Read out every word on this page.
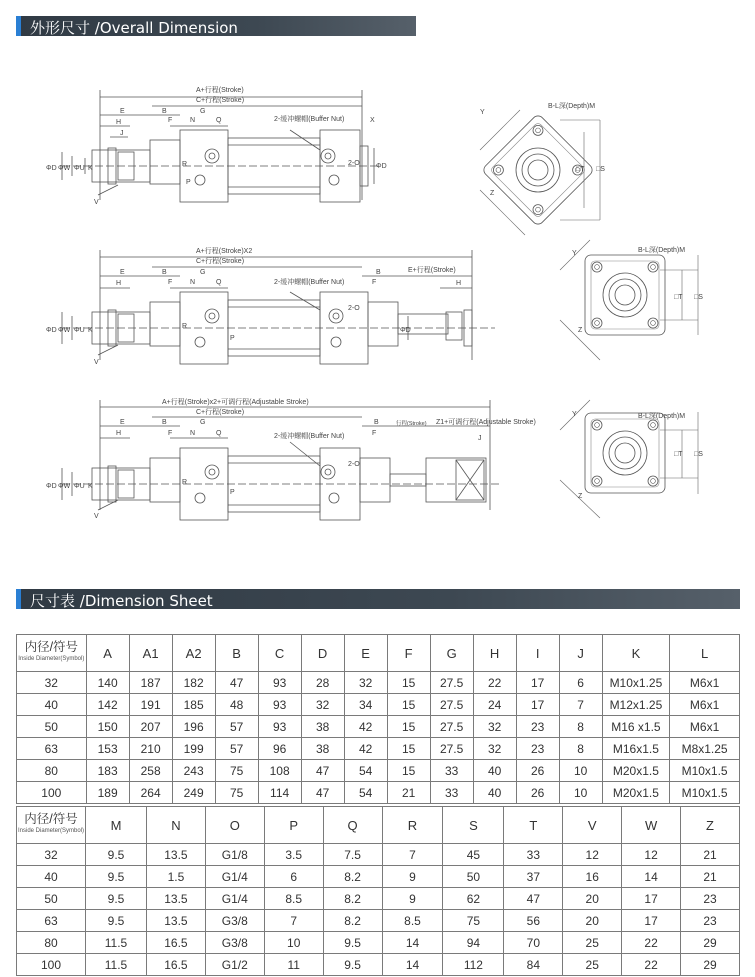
外形尺寸 /Overall Dimension
A+行程(Stroke)
C+行程(Stroke)
2-缓冲螺帽(Buffer Nut)
2-O
E	B	G
F	N	Q
H
J
X
R
P
ΦD ΦW ΦU K
V
ΦD
B-L深(Depth)M
□T □S
Y
Z
A+行程(Stroke)X2
C+行程(Stroke)
2-缓冲螺帽(Buffer Nut)
E+行程(Stroke)
2-O
E	B	G
F	N	Q
H
B
F	H
R
P
ΦD ΦW ΦU K
V
ΦD
B-L深(Depth)M
□T □S
Y
Z
A+行程(Stroke)x2+可调行程(Adjustable Stroke)
C+行程(Stroke)
2-缓冲螺帽(Buffer Nut)
行程(Stroke) Z1+可调行程(Adjustable Stroke)
2-O
E	B	G
F	N	Q
H
B
F
J
R
P
ΦD ΦW ΦU K
V
B-L深(Depth)M
□T □S
Y
Z
尺寸表 /Dimension Sheet
内径/符号
Inside Diameter(Symbol)	A	A1	A2	B	C	D	E	F	G	H	I	J	K	L
32	140	187	182	47	93	28	32	15	27.5	22	17	6	M10x1.25	M6x1
40	142	191	185	48	93	32	34	15	27.5	24	17	7	M12x1.25	M6x1
50	150	207	196	57	93	38	42	15	27.5	32	23	8	M16 x1.5	M6x1
63	153	210	199	57	96	38	42	15	27.5	32	23	8	M16x1.5	M8x1.25
80	183	258	243	75	108	47	54	15	33	40	26	10	M20x1.5	M10x1.5
100	189	264	249	75	114	47	54	21	33	40	26	10	M20x1.5	M10x1.5
内径/符号
Inside Diameter(Symbol)	M	N	O	P	Q	R	S	T	V	W	Z
32	9.5	13.5	G1/8	3.5	7.5	7	45	33	12	12	21
40	9.5	1.5	G1/4	6	8.2	9	50	37	16	14	21
50	9.5	13.5	G1/4	8.5	8.2	9	62	47	20	17	23
63	9.5	13.5	G3/8	7	8.2	8.5	75	56	20	17	23
80	11.5	16.5	G3/8	10	9.5	14	94	70	25	22	29
100	11.5	16.5	G1/2	11	9.5	14	112	84	25	22	29
